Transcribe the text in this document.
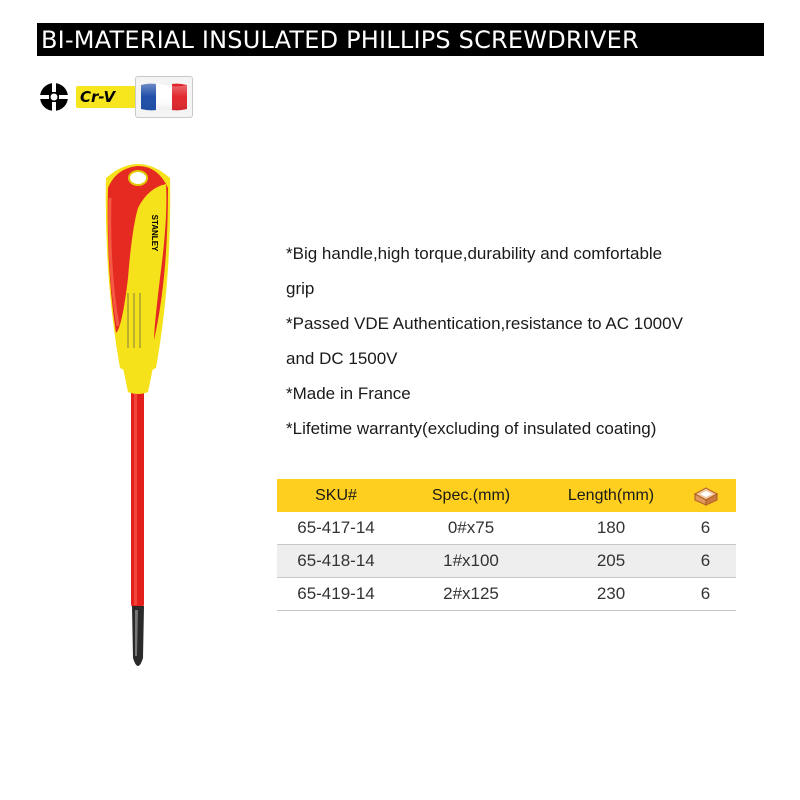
BI-MATERIAL INSULATED PHILLIPS SCREWDRIVER
Cr-V
STANLEY
*Big handle,high torque,durability and comfortable
grip
*Passed VDE Authentication,resistance to AC 1000V
and DC 1500V
*Made in France
*Lifetime warranty(excluding of insulated coating)
SKU#	Spec.(mm)	Length(mm)	
65-417-14	0#x75	180	6
65-418-14	1#x100	205	6
65-419-14	2#x125	230	6
